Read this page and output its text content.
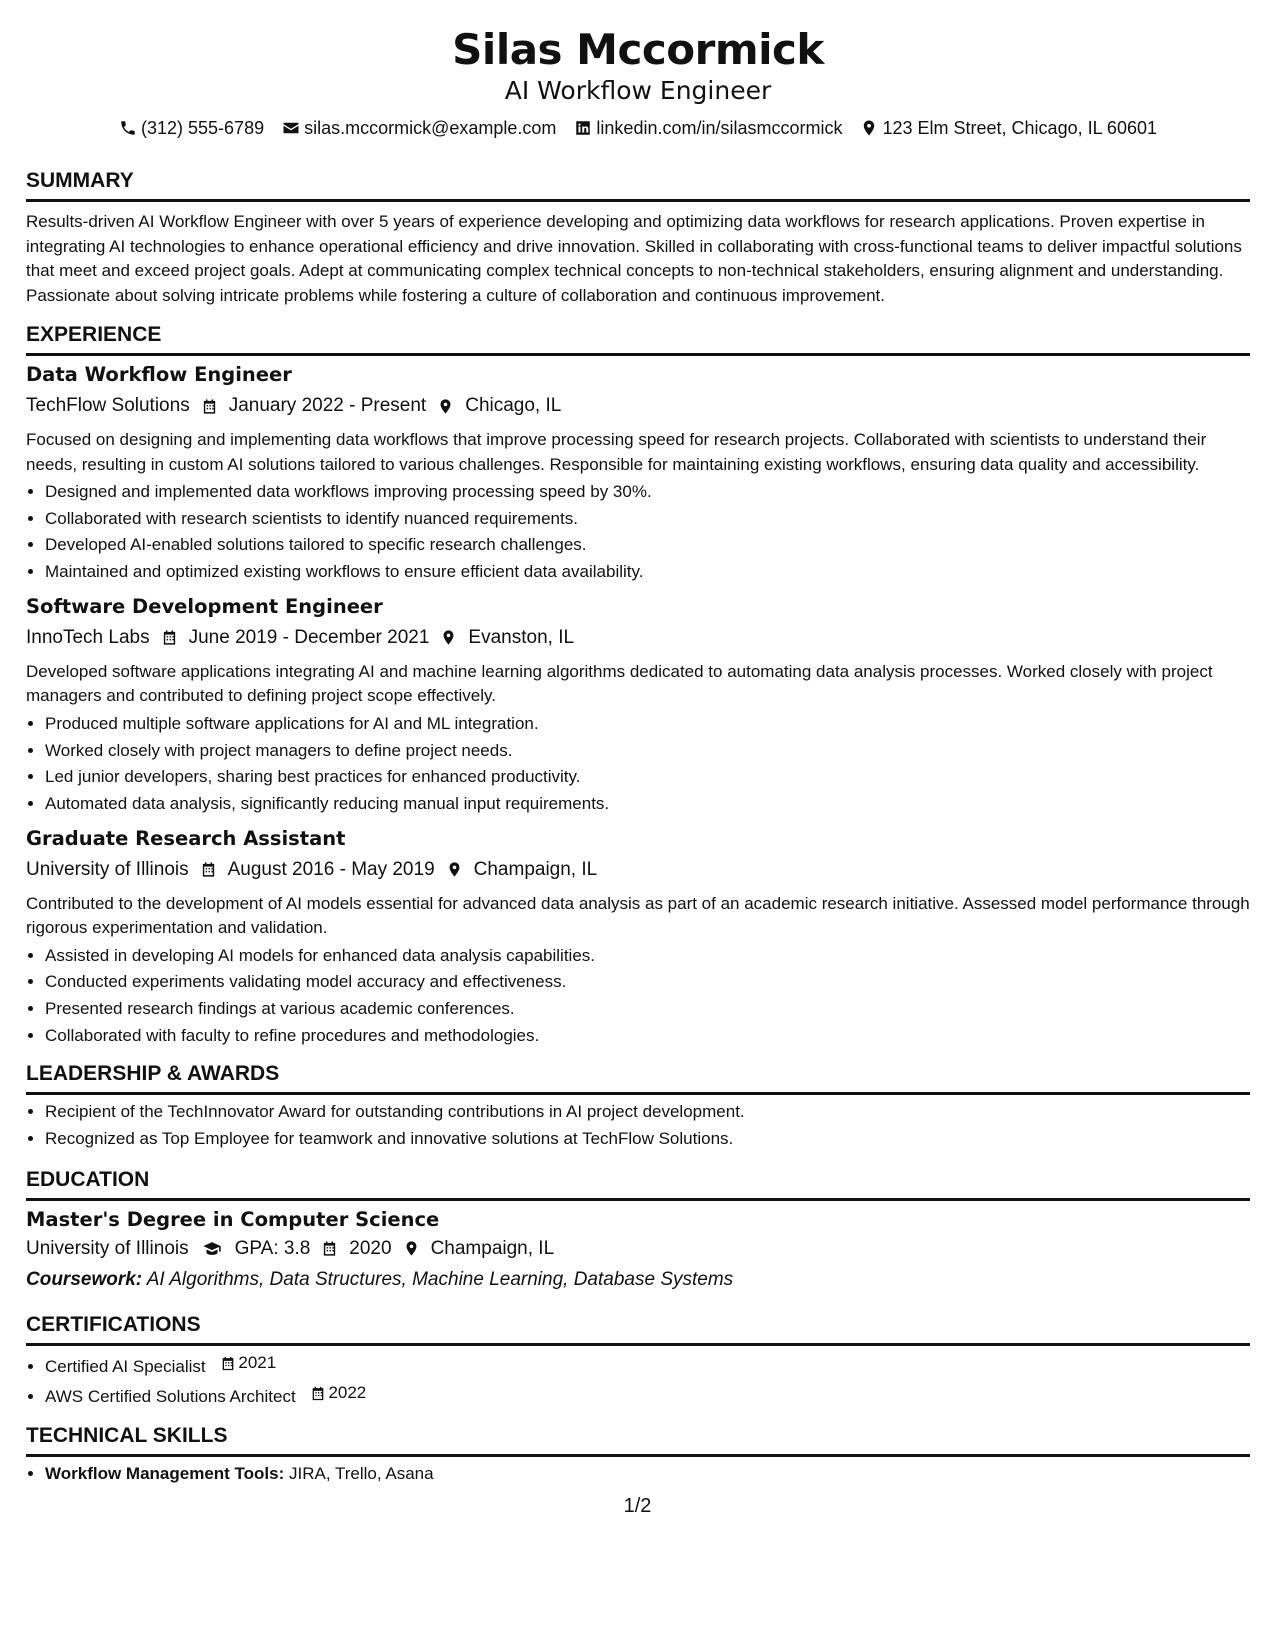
Silas Mccormick
AI Workflow Engineer
(312) 555-6789 silas.mccormick@example.com linkedin.com/in/silasmccormick 123 Elm Street, Chicago, IL 60601
SUMMARY

Results-driven AI Workflow Engineer with over 5 years of experience developing and optimizing data workflows for research applications. Proven expertise in integrating AI technologies to enhance operational efficiency and drive innovation. Skilled in collaborating with cross-functional teams to deliver impactful solutions that meet and exceed project goals. Adept at communicating complex technical concepts to non-technical stakeholders, ensuring alignment and understanding. Passionate about solving intricate problems while fostering a culture of collaboration and continuous improvement.

EXPERIENCE
Data Workflow Engineer
TechFlow Solutions January 2022 - Present Chicago, IL

Focused on designing and implementing data workflows that improve processing speed for research projects. Collaborated with scientists to understand their needs, resulting in custom AI solutions tailored to various challenges. Responsible for maintaining existing workflows, ensuring data quality and accessibility.

• Designed and implemented data workflows improving processing speed by 30%.
• Collaborated with research scientists to identify nuanced requirements.
• Developed AI-enabled solutions tailored to specific research challenges.
• Maintained and optimized existing workflows to ensure efficient data availability.
Software Development Engineer
InnoTech Labs June 2019 - December 2021 Evanston, IL

Developed software applications integrating AI and machine learning algorithms dedicated to automating data analysis processes. Worked closely with project managers and contributed to defining project scope effectively.

• Produced multiple software applications for AI and ML integration.
• Worked closely with project managers to define project needs.
• Led junior developers, sharing best practices for enhanced productivity.
• Automated data analysis, significantly reducing manual input requirements.
Graduate Research Assistant
University of Illinois August 2016 - May 2019 Champaign, IL

Contributed to the development of AI models essential for advanced data analysis as part of an academic research initiative. Assessed model performance through rigorous experimentation and validation.

• Assisted in developing AI models for enhanced data analysis capabilities.
• Conducted experiments validating model accuracy and effectiveness.
• Presented research findings at various academic conferences.
• Collaborated with faculty to refine procedures and methodologies.
LEADERSHIP & AWARDS
• Recipient of the TechInnovator Award for outstanding contributions in AI project development.
• Recognized as Top Employee for teamwork and innovative solutions at TechFlow Solutions.
EDUCATION
Master's Degree in Computer Science
University of Illinois GPA: 3.8 2020 Champaign, IL
Coursework: AI Algorithms, Data Structures, Machine Learning, Database Systems
CERTIFICATIONS
• Certified AI Specialist 2021
• AWS Certified Solutions Architect 2022
TECHNICAL SKILLS
• Workflow Management Tools: JIRA, Trello, Asana
1/2
